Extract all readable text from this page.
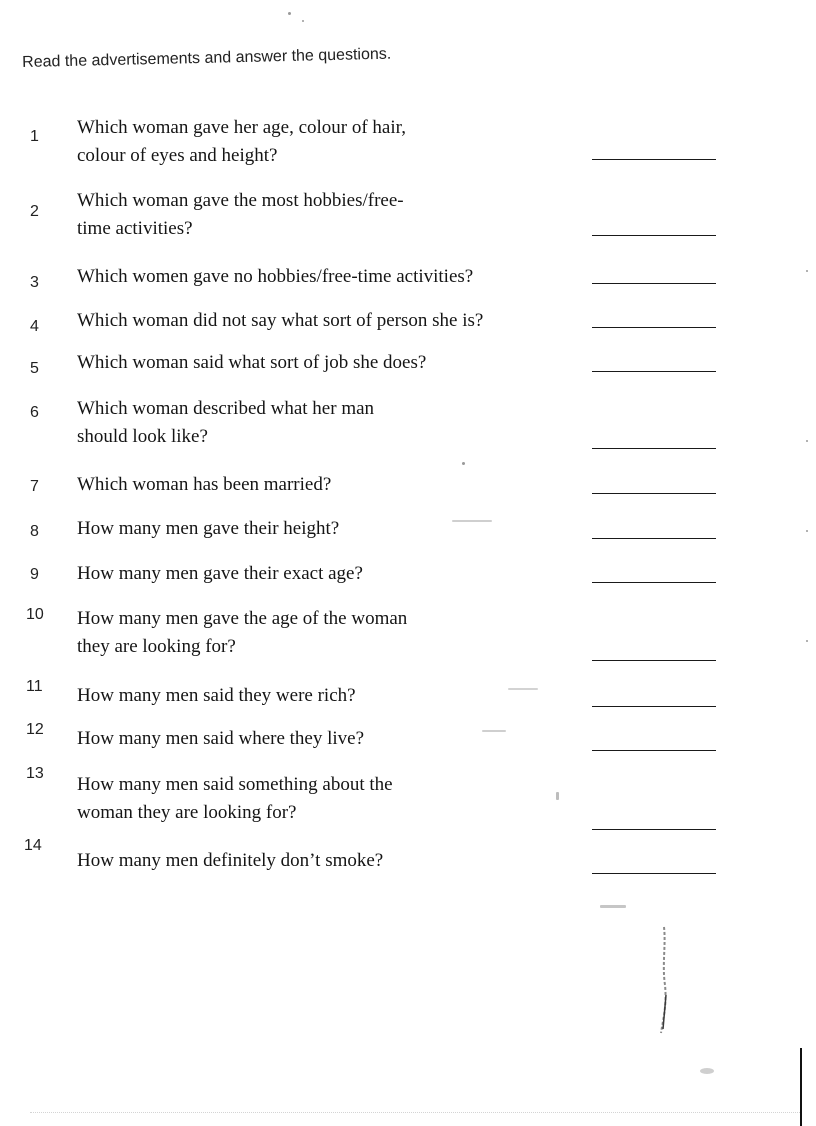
Read the advertisements and answer the questions.
1	Which woman gave her age, colour of hair,
colour of eyes and height?
2
Which woman gave the most hobbies/free-
time activities?
3	Which women gave no hobbies/free-time activities?
4	Which woman did not say what sort of person she is?
5	Which woman said what sort of job she does?
6	Which woman described what her man
should look like?
7	Which woman has been married?
8	How many men gave their height?
9	How many men gave their exact age?
10	How many men gave the age of the woman
they are looking for?
11	How many men said they were rich?
12	How many men said where they live?
13
How many men said something about the
woman they are looking for?
14
How many men definitely don’t smoke?
